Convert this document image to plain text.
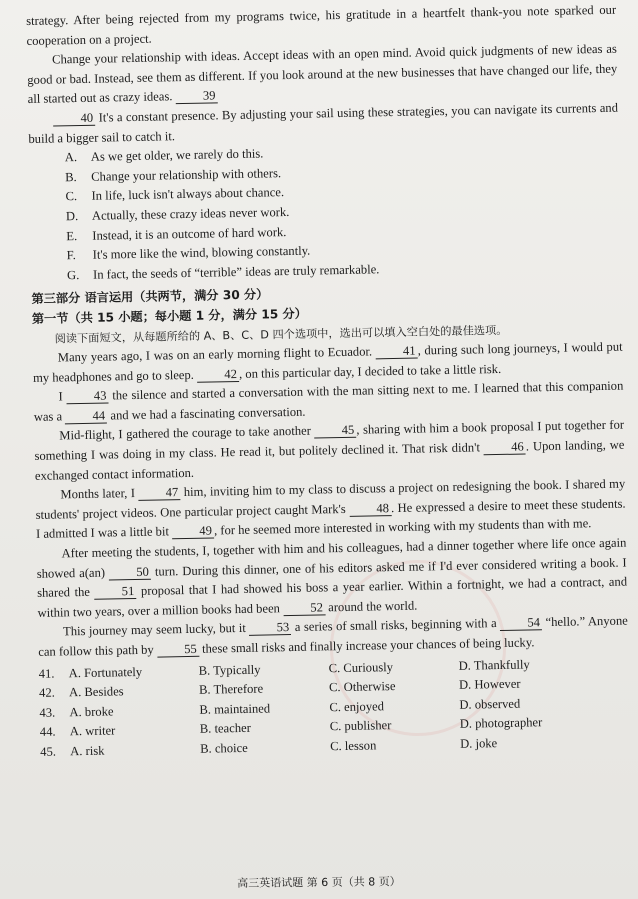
strategy. After being rejected from my programs twice, his gratitude in a heartfelt thank-you note sparked our cooperation on a project.

Change your relationship with ideas. Accept ideas with an open mind. Avoid quick judgments of new ideas as good or bad. Instead, see them as different. If you look around at the new businesses that have changed our life, they all started out as crazy ideas. 39

40 It's a constant presence. By adjusting your sail using these strategies, you can navigate its currents and build a bigger sail to catch it.

A.	As we get older, we rarely do this.
B.	Change your relationship with others.
C.	In life, luck isn't always about chance.
D.	Actually, these crazy ideas never work.
E.	Instead, it is an outcome of hard work.
F.	It's more like the wind, blowing constantly.
G.	In fact, the seeds of “terrible” ideas are truly remarkable.
第三部分 语言运用（共两节，满分 30 分）
第一节（共 15 小题；每小题 1 分，满分 15 分）

阅读下面短文，从每题所给的 A、B、C、D 四个选项中，选出可以填入空白处的最佳选项。

Many years ago, I was on an early morning flight to Ecuador. 41 , during such long journeys, I would put my headphones and go to sleep. 42 , on this particular day, I decided to take a little risk.

I 43 the silence and started a conversation with the man sitting next to me. I learned that this companion was a 44 and we had a fascinating conversation.

Mid-flight, I gathered the courage to take another 45 , sharing with him a book proposal I put together for something I was doing in my class. He read it, but politely declined it. That risk didn't 46 . Upon landing, we exchanged contact information.

Months later, I 47 him, inviting him to my class to discuss a project on redesigning the book. I shared my students' project videos. One particular project caught Mark's 48 . He expressed a desire to meet these students. I admitted I was a little bit 49 , for he seemed more interested in working with my students than with me.

After meeting the students, I, together with him and his colleagues, had a dinner together where life once again showed a(an) 50 turn. During this dinner, one of his editors asked me if I'd ever considered writing a book. I shared the	51 proposal that I had showed his boss a year earlier. Within a fortnight, we had a contract, and within two years, over a million books had been 52 around the world.

This journey may seem lucky, but it 53 a series of small risks, beginning with a 54 “hello.” Anyone can follow this path by 55 these small risks and finally increase your chances of being lucky.

41.	A. Fortunately	B. Typically	C. Curiously	D. Thankfully
42.	A. Besides	B. Therefore	C. Otherwise	D. However
43.	A. broke	B. maintained	C. enjoyed	D. observed
44.	A. writer	B. teacher	C. publisher	D. photographer
45.	A. risk	B. choice	C. lesson	D. joke
高三英语试题 第 6 页（共 8 页）
